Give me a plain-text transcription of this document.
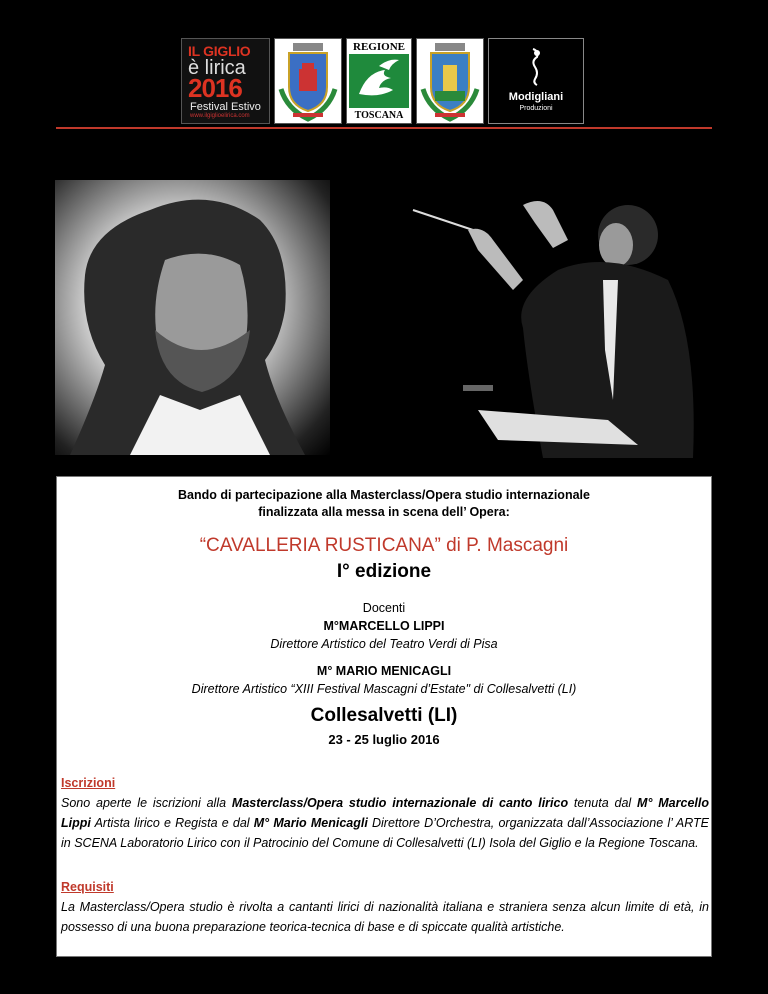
IL GIGLIO
è lirica
2016
Festival Estivo
www.ilgiglioelirica.com
REGIONE
TOSCANA
Modigliani
Produzioni
Bando di partecipazione alla Masterclass/Opera studio internazionale
finalizzata alla messa in scena dell’ Opera:
“CAVALLERIA RUSTICANA” di P. Mascagni
I° edizione
Docenti
M°MARCELLO LIPPI
Direttore Artistico del Teatro Verdi di Pisa
M° MARIO MENICAGLI
Direttore Artistico “XIII Festival Mascagni d’Estate" di Collesalvetti (LI)
Collesalvetti (LI)
23 - 25 luglio 2016
Iscrizioni
Sono aperte le iscrizioni alla Masterclass/Opera studio internazionale di canto lirico tenuta dal M° Marcello Lippi Artista lirico e Regista e dal M° Mario Menicagli Direttore D’Orchestra, organizzata dall’Associazione l’ ARTE in SCENA Laboratorio Lirico con il Patrocinio del Comune di Collesalvetti (LI) Isola del Giglio e la Regione Toscana.
Requisiti
La Masterclass/Opera studio è rivolta a cantanti lirici di nazionalità italiana e straniera senza alcun limite di età, in possesso di una buona preparazione teorica-tecnica di base e di spiccate qualità artistiche.
